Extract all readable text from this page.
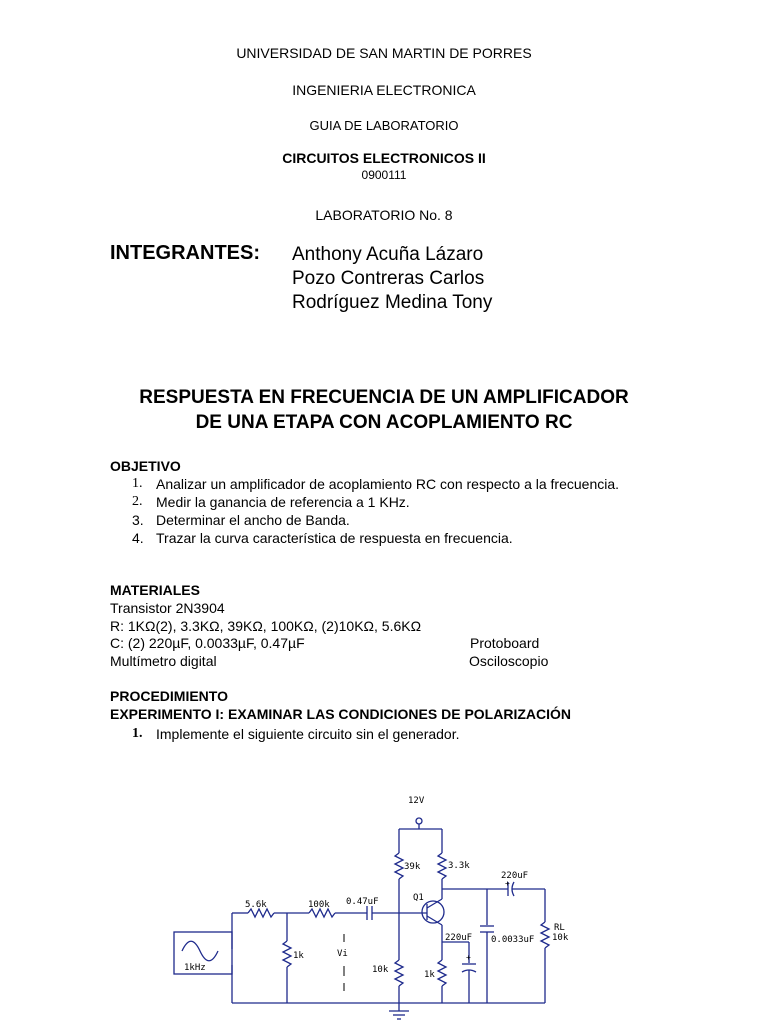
UNIVERSIDAD DE SAN MARTIN DE PORRES
INGENIERIA ELECTRONICA
GUIA DE LABORATORIO
CIRCUITOS ELECTRONICOS II
0900111
LABORATORIO No. 8
INTEGRANTES: Anthony Acuña Lázaro
Pozo Contreras Carlos
Rodríguez Medina Tony
RESPUESTA EN FRECUENCIA DE UN AMPLIFICADOR
DE UNA ETAPA CON ACOPLAMIENTO RC
OBJETIVO
1. Analizar un amplificador de acoplamiento RC con respecto a la frecuencia.
2. Medir la ganancia de referencia a 1 KHz.
3. Determinar el ancho de Banda.
4. Trazar la curva característica de respuesta en frecuencia.
MATERIALES
Transistor 2N3904
R: 1KΩ(2), 3.3KΩ, 39KΩ, 100KΩ, (2)10KΩ, 5.6KΩ
C: (2) 220µF, 0.0033µF, 0.47µF
Multímetro digital
Protoboard
Osciloscopio
PROCEDIMIENTO
EXPERIMENTO I: EXAMINAR LAS CONDICIONES DE POLARIZACIÓN
1. Implemente el siguiente circuito sin el generador.
12V
5.6k	100k 0.47uF
39k	3.3k
Q1
220uF
+
220uF
+
0.0033uF
RL
10k
1k	Vi
10k	1k
1kHz
